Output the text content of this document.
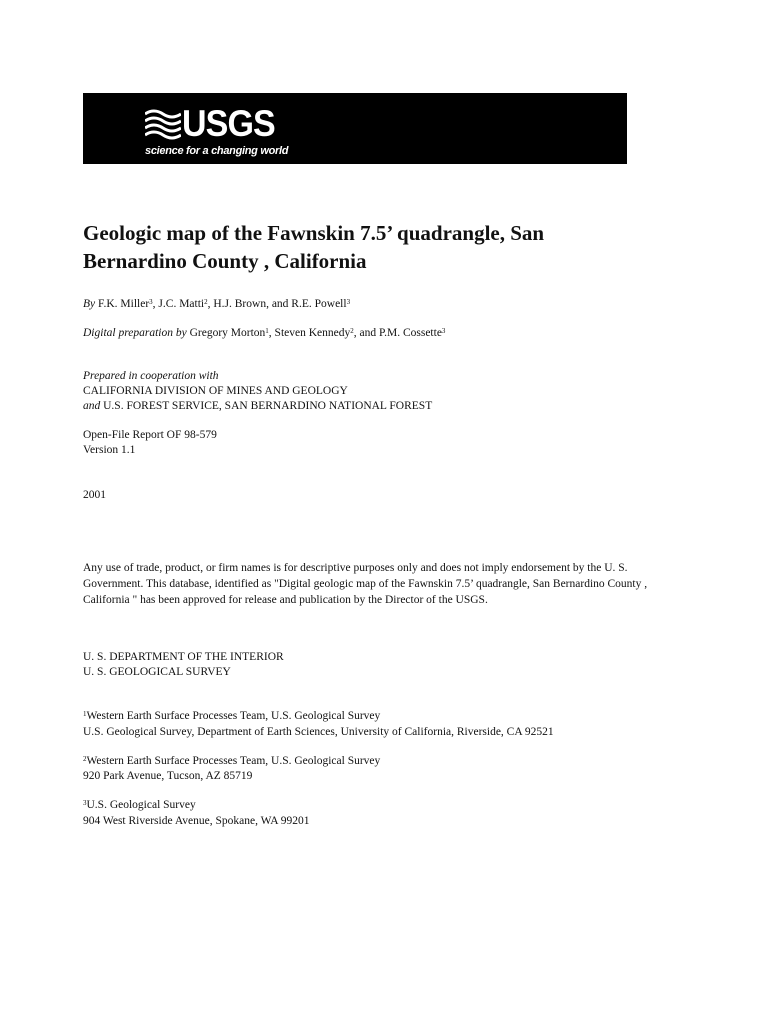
USGS
science for a changing world
Geologic map of the Fawnskin 7.5’ quadrangle, San
Bernardino County , California
By F.K. Miller$^3$, J.C. Matti$^2$, H.J. Brown, and R.E. Powell$^3$
Digital preparation by Gregory Morton$^1$, Steven Kennedy$^2$, and P.M. Cossette$^3$
Prepared in cooperation with
CALIFORNIA DIVISION OF MINES AND GEOLOGY
and U.S. FOREST SERVICE, SAN BERNARDINO NATIONAL FOREST
Open-File Report OF 98-579
Version 1.1
2001
Any use of trade, product, or firm names is for descriptive purposes only and does not imply endorsement by the U. S. Government. This database, identified as "Digital geologic map of the Fawnskin 7.5’ quadrangle, San Bernardino County , California " has been approved for release and publication by the Director of the USGS.
U. S. DEPARTMENT OF THE INTERIOR
U. S. GEOLOGICAL SURVEY
$^1$Western Earth Surface Processes Team, U.S. Geological Survey
U.S. Geological Survey, Department of Earth Sciences, University of California, Riverside, CA 92521
$^2$Western Earth Surface Processes Team, U.S. Geological Survey
920 Park Avenue, Tucson, AZ 85719
$^3$U.S. Geological Survey
904 West Riverside Avenue, Spokane, WA 99201
